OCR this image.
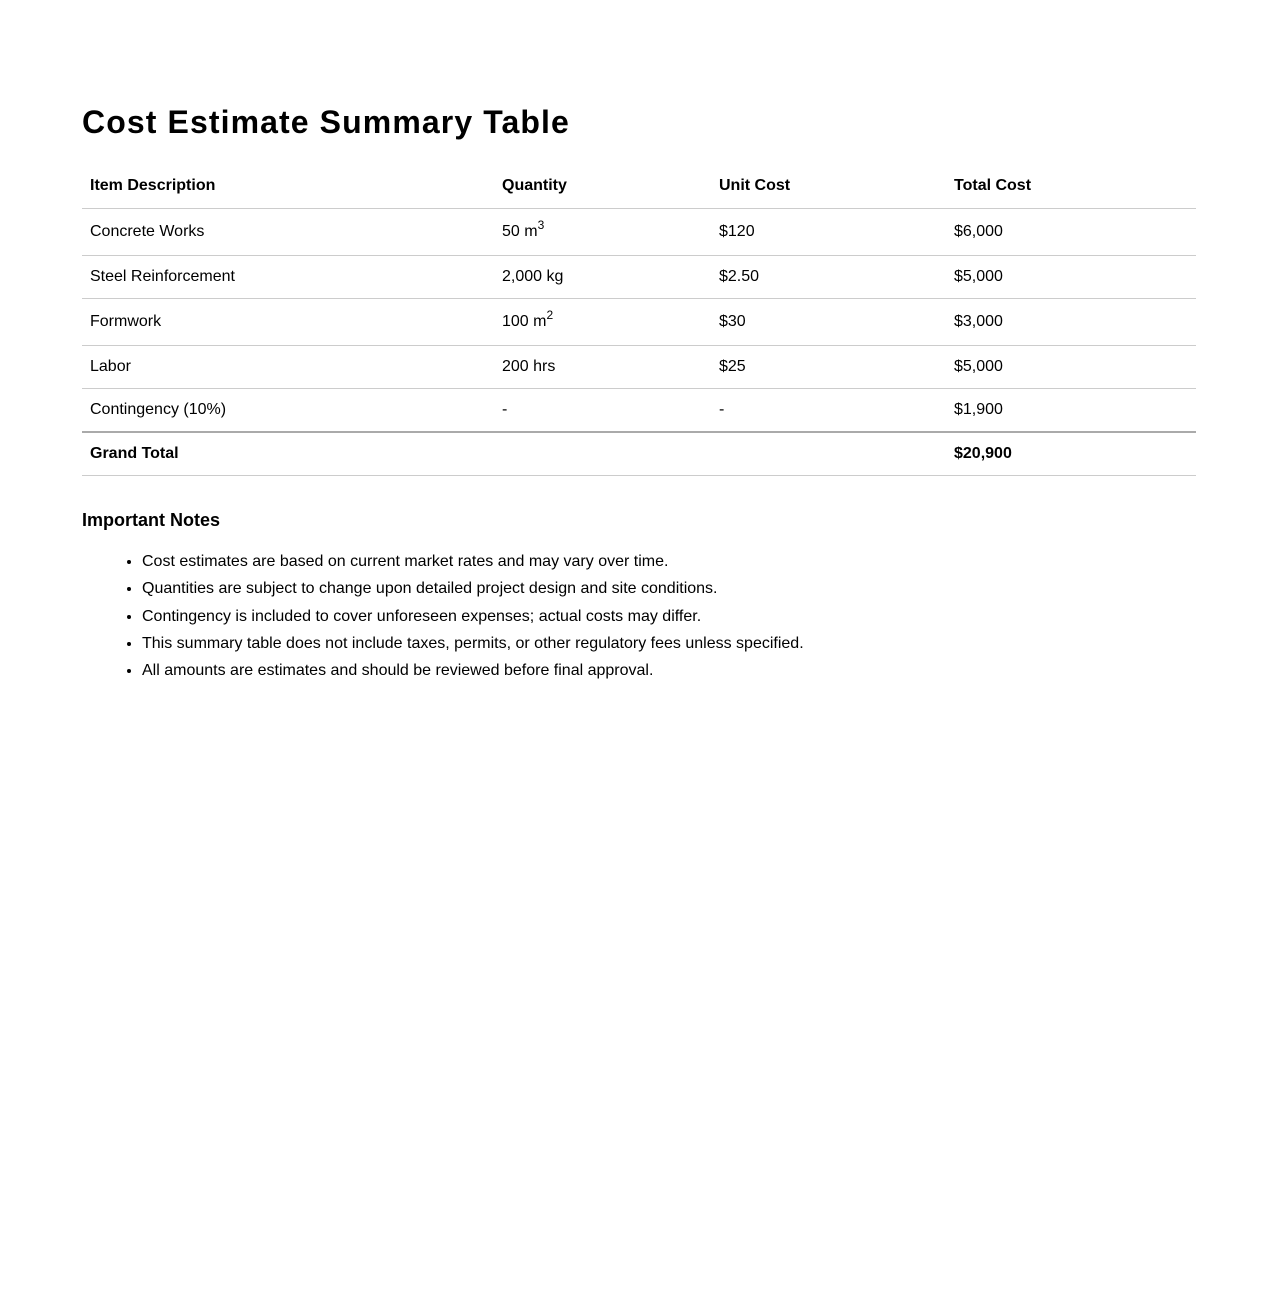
Cost Estimate Summary Table
Item Description	Quantity	Unit Cost	Total Cost
Concrete Works	50 $m^3$	$120	$6,000
Steel Reinforcement	2,000 kg	$2.50	$5,000
Formwork	100 $m^2$	$30	$3,000
Labor	200 hrs	$25	$5,000
Contingency (10%)	-	-	$1,900
Grand Total			$20,900
Important Notes
• Cost estimates are based on current market rates and may vary over time.
• Quantities are subject to change upon detailed project design and site conditions.
• Contingency is included to cover unforeseen expenses; actual costs may differ.
• This summary table does not include taxes, permits, or other regulatory fees unless specified.
• All amounts are estimates and should be reviewed before final approval.
